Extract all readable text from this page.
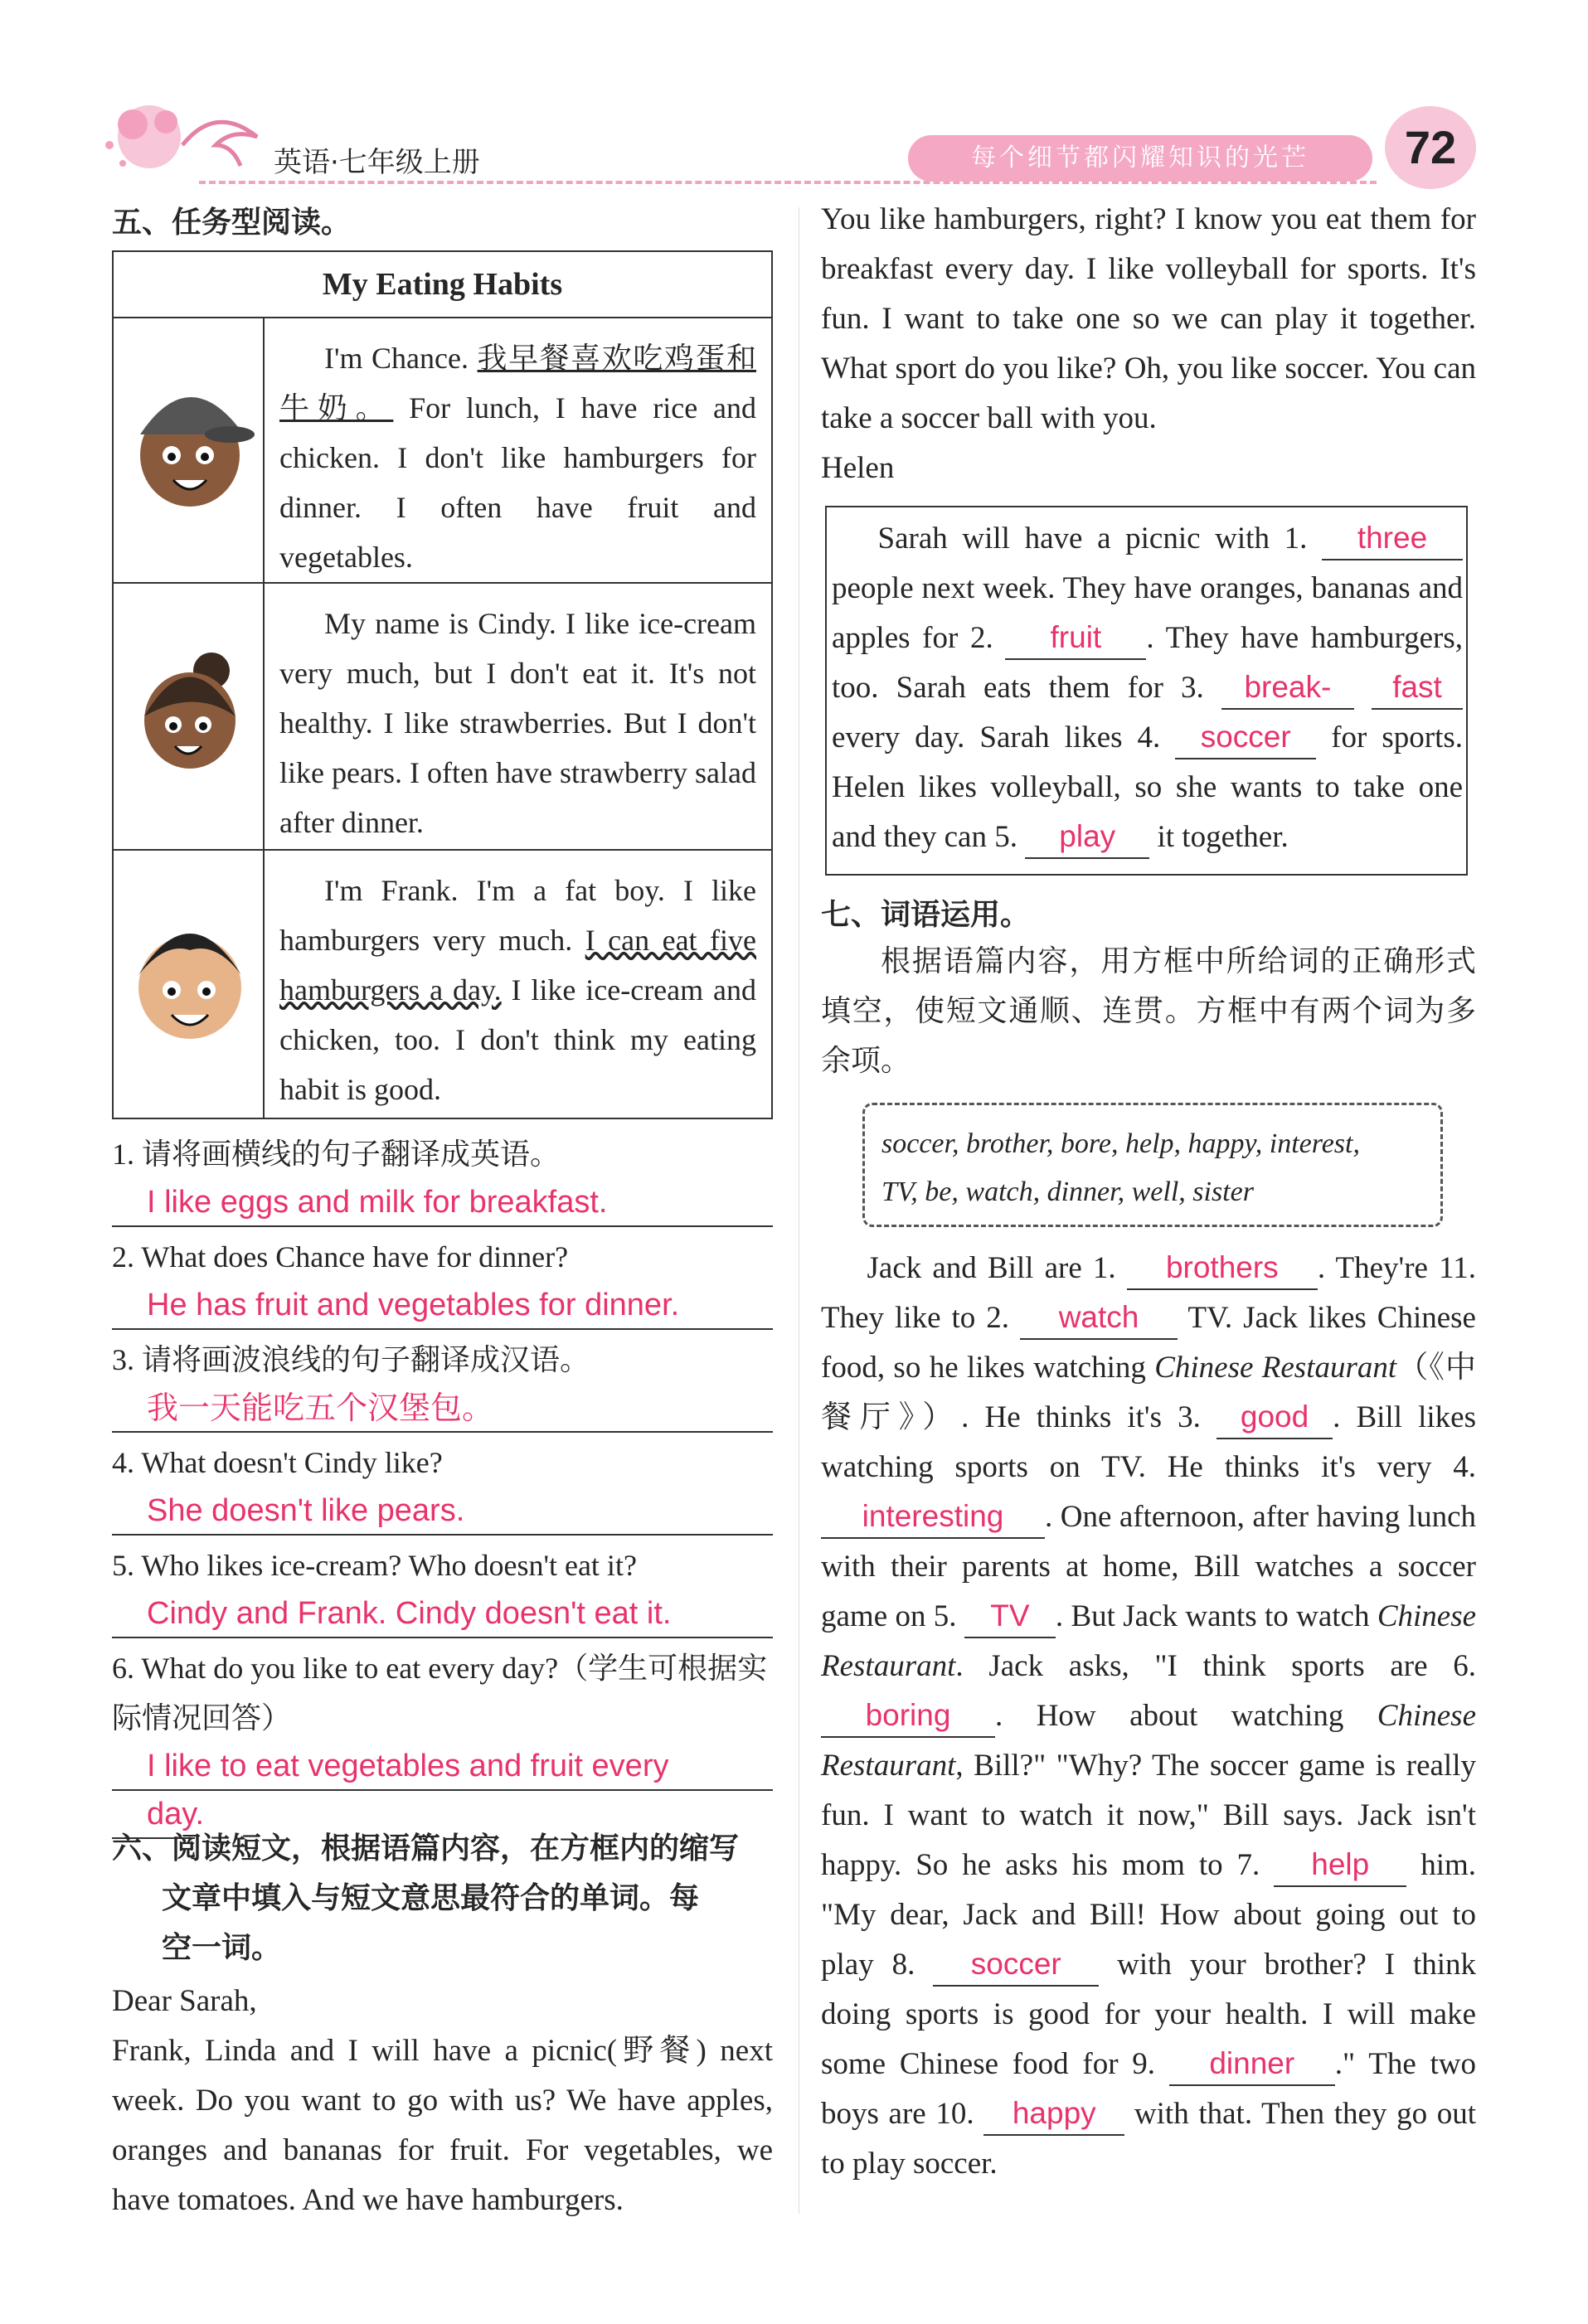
英语·七年级上册	每个细节都闪耀知识的光芒	72
五、任务型阅读。
My Eating Habits	
	  I'm Chance. 我早餐喜欢吃鸡蛋和牛奶。 For lunch, I have rice and chicken. I don't like hamburgers for dinner. I often have fruit and vegetables.
	  My name is Cindy. I like ice-cream very much, but I don't eat it. It's not healthy. I like strawberries. But I don't like pears. I often have strawberry salad after dinner.
	  I'm Frank. I'm a fat boy. I like hamburgers very much. I can eat five hamburgers a day. I like ice-cream and chicken, too. I don't think my eating habit is good.
1. 请将画横线的句子翻译成英语。
I like eggs and milk for breakfast.
2. What does Chance have for dinner?
He has fruit and vegetables for dinner.
3. 请将画波浪线的句子翻译成汉语。
我一天能吃五个汉堡包。
4. What doesn't Cindy like?
She doesn't like pears.
5. Who likes ice-cream? Who doesn't eat it?
Cindy and Frank. Cindy doesn't eat it.
6. What do you like to eat every day?（学生可根据实际情况回答）
I like to eat vegetables and fruit every
day.
六、阅读短文，根据语篇内容，在方框内的缩写
文章中填入与短文意思最符合的单词。每
空一词。
Dear Sarah,

Frank, Linda and I will have a picnic(野餐) next week. Do you want to go with us? We have apples, oranges and bananas for fruit. For vegetables, we have tomatoes. And we have hamburgers.

You like hamburgers, right? I know you eat them for breakfast every day. I like volleyball for sports. It's fun. I want to take one so we can play it together. What sport do you like? Oh, you like soccer. You can take a soccer ball with you.

Helen

  Sarah will have a picnic with 1. three people next week. They have oranges, bananas and apples for 2. fruit . They have hamburgers, too. Sarah eats them for 3. break- fast every day. Sarah likes 4. soccer for sports. Helen likes volleyball, so she wants to take one and they can 5. play it together.

七、词语运用。
根据语篇内容，用方框中所给词的正确形式填空，使短文通顺、连贯。方框中有两个词为多余项。
soccer, brother, bore, help, happy, interest,
TV, be, watch, dinner, well, sister

  Jack and Bill are 1. brothers . They're 11. They like to 2. watch TV. Jack likes Chinese food, so he likes watching Chinese Restaurant（《中餐厅》）. He thinks it's 3. good . Bill likes watching sports on TV. He thinks it's very 4. interesting . One afternoon, after having lunch with their parents at home, Bill watches a soccer game on 5. TV . But Jack wants to watch Chinese Restaurant. Jack asks, "I think sports are 6. boring . How about watching Chinese Restaurant, Bill?" "Why? The soccer game is really fun. I want to watch it now," Bill says. Jack isn't happy. So he asks his mom to 7. help him. "My dear, Jack and Bill! How about going out to play 8. soccer with your brother? I think doing sports is good for your health. I will make some Chinese food for 9. dinner ." The two boys are 10. happy with that. Then they go out to play soccer.
